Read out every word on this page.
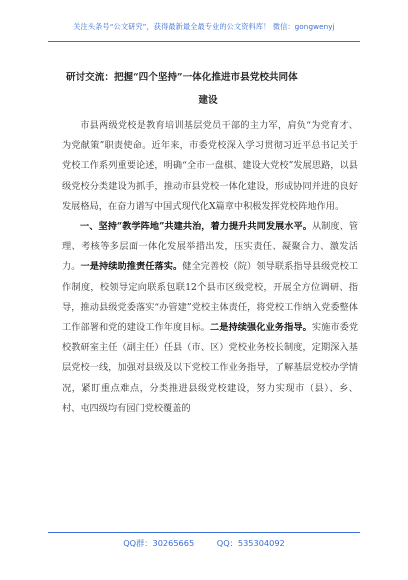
关注头条号“公文研究”，获得最新最全最专业的公文资料库！ 微信：gongwenyj
研讨交流：把握“四个坚持”一体化推进市县党校共同体
建设

市县两级党校是教育培训基层党员干部的主力军，肩负“为党育才、为党献策”职责使命。近年来，市委党校深入学习贯彻习近平总书记关于党校工作系列重要论述，明确“全市一盘棋、建设大党校”发展思路，以县级党校分类建设为抓手，推动市县党校一体化建设，形成协同并进的良好发展格局，在奋力谱写中国式现代化X篇章中积极发挥党校阵地作用。

一、坚持“教学阵地”共建共治，着力提升共同发展水平。从制度、管理、考核等多层面一体化发展举措出发，压实责任、凝聚合力、激发活力。一是持续助推责任落实。健全完善校（院）领导联系指导县级党校工作制度，校领导定向联系包联12个县市区级党校，开展全方位调研、指导，推动县级党委落实“办管建”党校主体责任，将党校工作纳入党委整体工作部署和党的建设工作年度目标。二是持续强化业务指导。实施市委党校教研室主任（副主任）任县（市、区）党校业务校长制度，定期深入基层党校一线，加强对县级及以下党校工作业务指导，了解基层党校办学情况，紧盯重点难点，分类推进县级党校建设，努力实现市（县）、乡、村、屯四级均有园门党校覆盖的

QQ群：30265665	QQ：535304092
